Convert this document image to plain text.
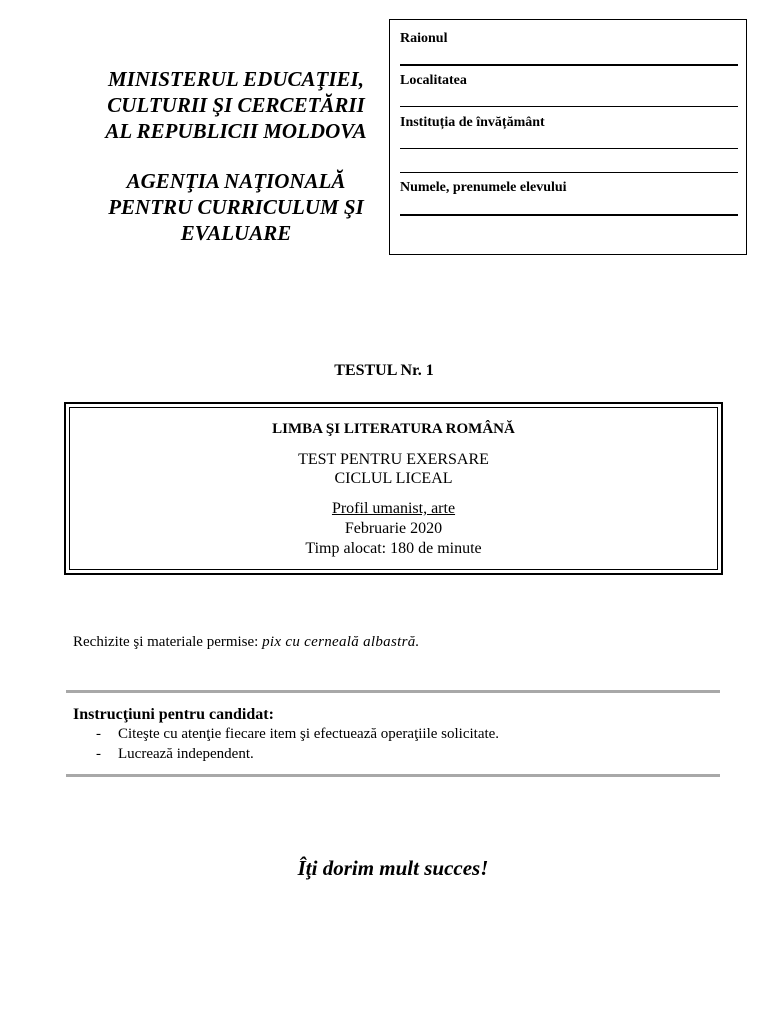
MINISTERUL EDUCAŢIEI,
CULTURII ŞI CERCETĂRII
AL REPUBLICII MOLDOVA
AGENŢIA NAŢIONALĂ
PENTRU CURRICULUM ŞI
EVALUARE
Raionul
Localitatea
Instituția de învățământ
Numele, prenumele elevului
TESTUL Nr. 1
LIMBA ŞI LITERATURA ROMÂNĂ
TEST PENTRU EXERSARE
CICLUL LICEAL
Profil umanist, arte
Februarie 2020
Timp alocat: 180 de minute
Rechizite şi materiale permise: pix cu cerneală albastră.
Instrucţiuni pentru candidat:
- Citeşte cu atenţie fiecare item şi efectuează operaţiile solicitate.
- Lucrează independent.
Îţi dorim mult succes!
